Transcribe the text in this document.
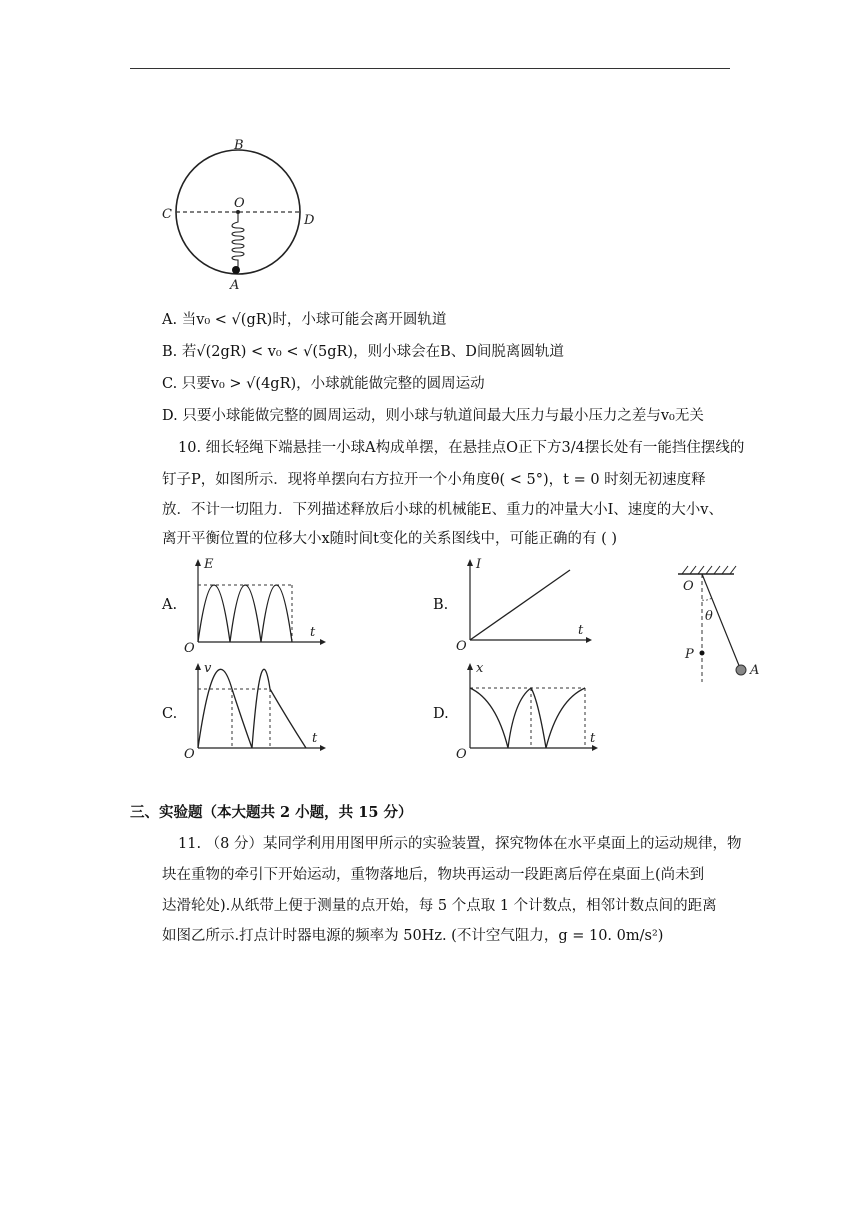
B
C
O
D
A
A. 当v₀ < √(gR)时，小球可能会离开圆轨道
B. 若√(2gR) < v₀ < √(5gR)，则小球会在B、D间脱离圆轨道
C. 只要v₀ > √(4gR)，小球就能做完整的圆周运动
D. 只要小球能做完整的圆周运动，则小球与轨道间最大压力与最小压力之差与v₀无关
10. 细长轻绳下端悬挂一小球A构成单摆，在悬挂点O正下方3/4摆长处有一能挡住摆线的
钉子P，如图所示．现将单摆向右方拉开一个小角度θ( < 5°)，t = 0 时刻无初速度释
放．不计一切阻力．下列描述释放后小球的机械能E、重力的冲量大小I、速度的大小v、
离开平衡位置的位移大小x随时间t变化的关系图线中，可能正确的有 ( )
A.
E
t
O
B.
I
t
O
C.
v
t
O
D.
x
t
O
O
θ
P
A
三、实验题（本大题共 2 小题，共 15 分）
11. （8 分）某同学利用用图甲所示的实验装置，探究物体在水平桌面上的运动规律，物
块在重物的牵引下开始运动，重物落地后，物块再运动一段距离后停在桌面上(尚未到
达滑轮处).从纸带上便于测量的点开始，每 5 个点取 1 个计数点，相邻计数点间的距离
如图乙所示.打点计时器电源的频率为 50Hz. (不计空气阻力，g = 10. 0m/s²)
